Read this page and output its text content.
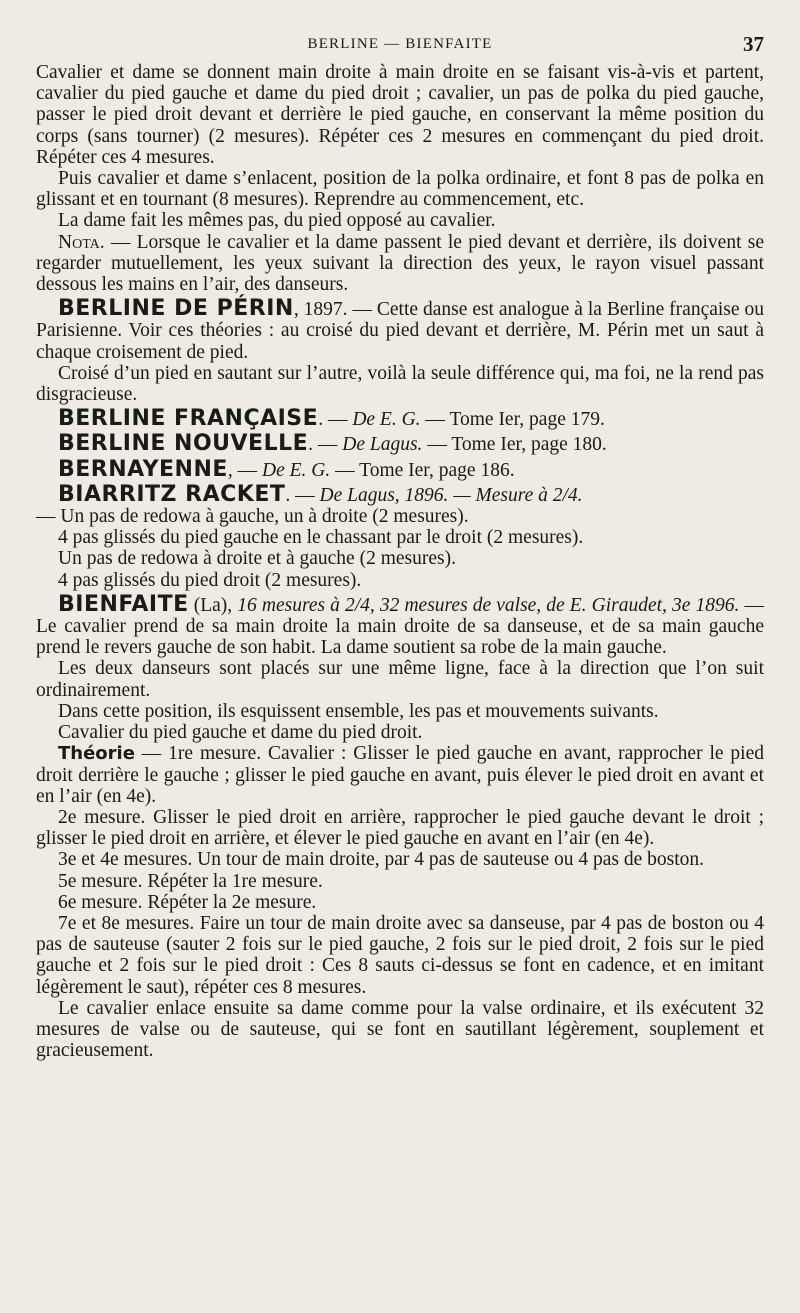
BERLINE — BIENFAITE	37

Cavalier et dame se donnent main droite à main droite en se faisant vis-à-vis et partent, cavalier du pied gauche et dame du pied droit ; cavalier, un pas de polka du pied gauche, passer le pied droit devant et derrière le pied gauche, en conservant la même position du corps (sans tourner) (2 mesures). Répéter ces 2 mesures en commençant du pied droit. Répéter ces 4 mesures.

Puis cavalier et dame s’enlacent, position de la polka ordinaire, et font 8 pas de polka en glissant et en tournant (8 mesures). Reprendre au commencement, etc.

La dame fait les mêmes pas, du pied opposé au cavalier.

Nota. — Lorsque le cavalier et la dame passent le pied devant et derrière, ils doivent se regarder mutuellement, les yeux suivant la direction des yeux, le rayon visuel passant dessous les mains en l’air, des danseurs.

BERLINE DE PÉRIN, 1897. — Cette danse est analogue à la Berline française ou Parisienne. Voir ces théories : au croisé du pied devant et derrière, M. Périn met un saut à chaque croisement de pied.

Croisé d’un pied en sautant sur l’autre, voilà la seule différence qui, ma foi, ne la rend pas disgracieuse.

BERLINE FRANÇAISE. — De E. G. — Tome Ier, page 179.

BERLINE NOUVELLE. — De Lagus. — Tome Ier, page 180.

BERNAYENNE, — De E. G. — Tome Ier, page 186.

BIARRITZ RACKET. — De Lagus, 1896. — Mesure à 2/4.

— Un pas de redowa à gauche, un à droite (2 mesures).

4 pas glissés du pied gauche en le chassant par le droit (2 mesures).

Un pas de redowa à droite et à gauche (2 mesures).

4 pas glissés du pied droit (2 mesures).

BIENFAITE (La), 16 mesures à 2/4, 32 mesures de valse, de E. Giraudet, 3e 1896. — Le cavalier prend de sa main droite la main droite de sa danseuse, et de sa main gauche prend le revers gauche de son habit. La dame soutient sa robe de la main gauche.

Les deux danseurs sont placés sur une même ligne, face à la direction que l’on suit ordinairement.

Dans cette position, ils esquissent ensemble, les pas et mouvements suivants.

Cavalier du pied gauche et dame du pied droit.

Théorie — 1re mesure. Cavalier : Glisser le pied gauche en avant, rapprocher le pied droit derrière le gauche ; glisser le pied gauche en avant, puis élever le pied droit en avant et en l’air (en 4e).

2e mesure. Glisser le pied droit en arrière, rapprocher le pied gauche devant le droit ; glisser le pied droit en arrière, et élever le pied gauche en avant en l’air (en 4e).

3e et 4e mesures. Un tour de main droite, par 4 pas de sauteuse ou 4 pas de boston.

5e mesure. Répéter la 1re mesure.

6e mesure. Répéter la 2e mesure.

7e et 8e mesures. Faire un tour de main droite avec sa danseuse, par 4 pas de boston ou 4 pas de sauteuse (sauter 2 fois sur le pied gauche, 2 fois sur le pied droit, 2 fois sur le pied gauche et 2 fois sur le pied droit : Ces 8 sauts ci-dessus se font en cadence, et en imitant légèrement le saut), répéter ces 8 mesures.

Le cavalier enlace ensuite sa dame comme pour la valse ordinaire, et ils exécutent 32 mesures de valse ou de sauteuse, qui se font en sautillant légèrement, souplement et gracieusement.
